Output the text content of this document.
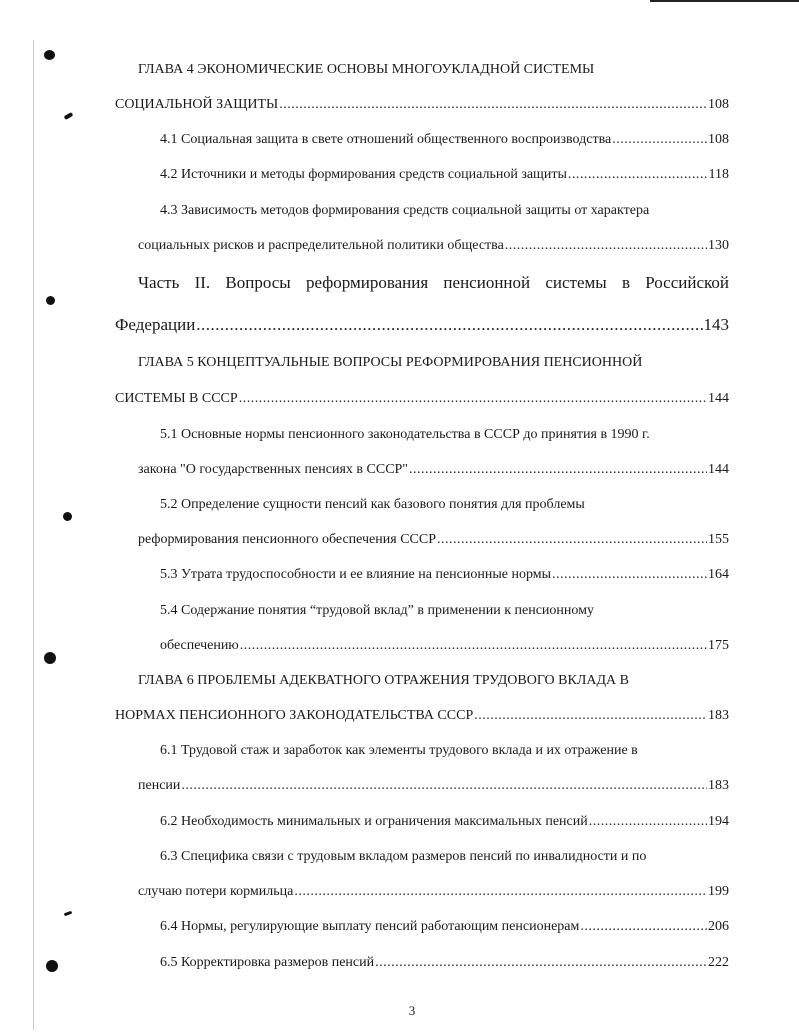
ГЛАВА 4 ЭКОНОМИЧЕСКИЕ ОСНОВЫ МНОГОУКЛАДНОЙ СИСТЕМЫ
СОЦИАЛЬНОЙ ЗАЩИТЫ .....	108
4.1 Социальная защита в свете отношений общественного воспроизводства .....	108
4.2 Источники и методы формирования средств социальной защиты .....	118
4.3 Зависимость методов формирования средств социальной защиты от характера
социальных рисков и распределительной политики общества .....	130
Часть II. Вопросы реформирования пенсионной системы в Российской
Федерации .....	143
ГЛАВА 5 КОНЦЕПТУАЛЬНЫЕ ВОПРОСЫ РЕФОРМИРОВАНИЯ ПЕНСИОННОЙ
СИСТЕМЫ В СССР .....	144
5.1 Основные нормы пенсионного законодательства в СССР до принятия в 1990 г.
закона "О государственных пенсиях в СССР" .....	144
5.2 Определение сущности пенсий как базового понятия для проблемы
реформирования пенсионного обеспечения СССР .....	155
5.3 Утрата трудоспособности и ее влияние на пенсионные нормы .....	164
5.4 Содержание понятия “трудовой вклад” в применении к пенсионному
обеспечению .....	175
ГЛАВА 6 ПРОБЛЕМЫ АДЕКВАТНОГО ОТРАЖЕНИЯ ТРУДОВОГО ВКЛАДА В
НОРМАХ ПЕНСИОННОГО ЗАКОНОДАТЕЛЬСТВА СССР .....	183
6.1 Трудовой стаж и заработок как элементы трудового вклада и их отражение в
пенсии .....	183
6.2 Необходимость минимальных и ограничения максимальных пенсий .....	194
6.3 Специфика связи с трудовым вкладом размеров пенсий по инвалидности и по
случаю потери кормильца .....	199
6.4 Нормы, регулирующие выплату пенсий работающим пенсионерам .....	206
6.5 Корректировка размеров пенсий .....	222
3
